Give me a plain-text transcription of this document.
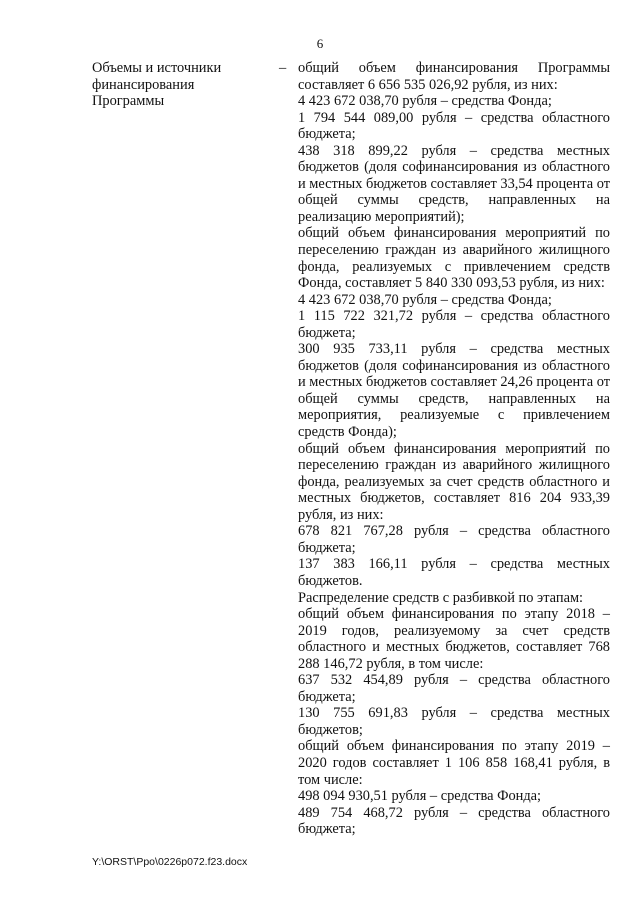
6
Объемы и источники
финансирования
Программы
– общий объем финансирования Программы составляет 6 656 535 026,92 рубля, из них:

4 423 672 038,70 рубля – средства Фонда;

1 794 544 089,00 рубля – средства областного бюджета;

438 318 899,22 рубля – средства местных бюджетов (доля софинансирования из областного и местных бюджетов составляет 33,54 процента от общей суммы средств, направленных на реализацию мероприятий);

общий объем финансирования мероприятий по переселению граждан из аварийного жилищного фонда, реализуемых с привлечением средств Фонда, составляет 5 840 330 093,53 рубля, из них:

4 423 672 038,70 рубля – средства Фонда;

1 115 722 321,72 рубля – средства областного бюджета;

300 935 733,11 рубля – средства местных бюджетов (доля софинансирования из областного и местных бюджетов составляет 24,26 процента от общей суммы средств, направленных на мероприятия, реализуемые с привлечением средств Фонда);

общий объем финансирования мероприятий по переселению граждан из аварийного жилищного фонда, реализуемых за счет средств областного и местных бюджетов, составляет 816 204 933,39 рубля, из них:

678 821 767,28 рубля – средства областного бюджета;

137 383 166,11 рубля – средства местных бюджетов.

Распределение средств с разбивкой по этапам:

общий объем финансирования по этапу 2018 – 2019 годов, реализуемому за счет средств областного и местных бюджетов, составляет 768 288 146,72 рубля, в том числе:

637 532 454,89 рубля – средства областного бюджета;

130 755 691,83 рубля – средства местных бюджетов;

общий объем финансирования по этапу 2019 – 2020 годов составляет 1 106 858 168,41 рубля, в том числе:

498 094 930,51 рубля – средства Фонда;

489 754 468,72 рубля – средства областного бюджета;

Y:\ORST\Ppo\0226p072.f23.docx
